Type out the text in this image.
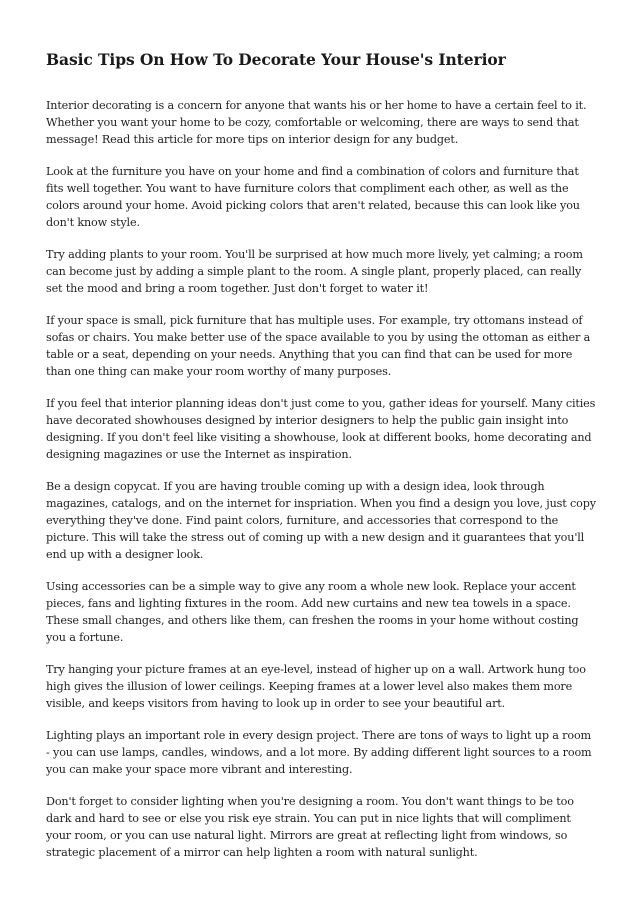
Basic Tips On How To Decorate Your House's Interior

Interior decorating is a concern for anyone that wants his or her home to have a certain feel to it. Whether you want your home to be cozy, comfortable or welcoming, there are ways to send that message! Read this article for more tips on interior design for any budget.

Look at the furniture you have on your home and find a combination of colors and furniture that fits well together. You want to have furniture colors that compliment each other, as well as the colors around your home. Avoid picking colors that aren't related, because this can look like you don't know style.

Try adding plants to your room. You'll be surprised at how much more lively, yet calming; a room can become just by adding a simple plant to the room. A single plant, properly placed, can really set the mood and bring a room together. Just don't forget to water it!

If your space is small, pick furniture that has multiple uses. For example, try ottomans instead of sofas or chairs. You make better use of the space available to you by using the ottoman as either a table or a seat, depending on your needs. Anything that you can find that can be used for more than one thing can make your room worthy of many purposes.

If you feel that interior planning ideas don't just come to you, gather ideas for yourself. Many cities have decorated showhouses designed by interior designers to help the public gain insight into designing. If you don't feel like visiting a showhouse, look at different books, home decorating and designing magazines or use the Internet as inspiration.

Be a design copycat. If you are having trouble coming up with a design idea, look through magazines, catalogs, and on the internet for inspriation. When you find a design you love, just copy everything they've done. Find paint colors, furniture, and accessories that correspond to the picture. This will take the stress out of coming up with a new design and it guarantees that you'll end up with a designer look.

Using accessories can be a simple way to give any room a whole new look. Replace your accent pieces, fans and lighting fixtures in the room. Add new curtains and new tea towels in a space. These small changes, and others like them, can freshen the rooms in your home without costing you a fortune.

Try hanging your picture frames at an eye-level, instead of higher up on a wall. Artwork hung too high gives the illusion of lower ceilings. Keeping frames at a lower level also makes them more visible, and keeps visitors from having to look up in order to see your beautiful art.

Lighting plays an important role in every design project. There are tons of ways to light up a room - you can use lamps, candles, windows, and a lot more. By adding different light sources to a room you can make your space more vibrant and interesting.

Don't forget to consider lighting when you're designing a room. You don't want things to be too dark and hard to see or else you risk eye strain. You can put in nice lights that will compliment your room, or you can use natural light. Mirrors are great at reflecting light from windows, so strategic placement of a mirror can help lighten a room with natural sunlight.
